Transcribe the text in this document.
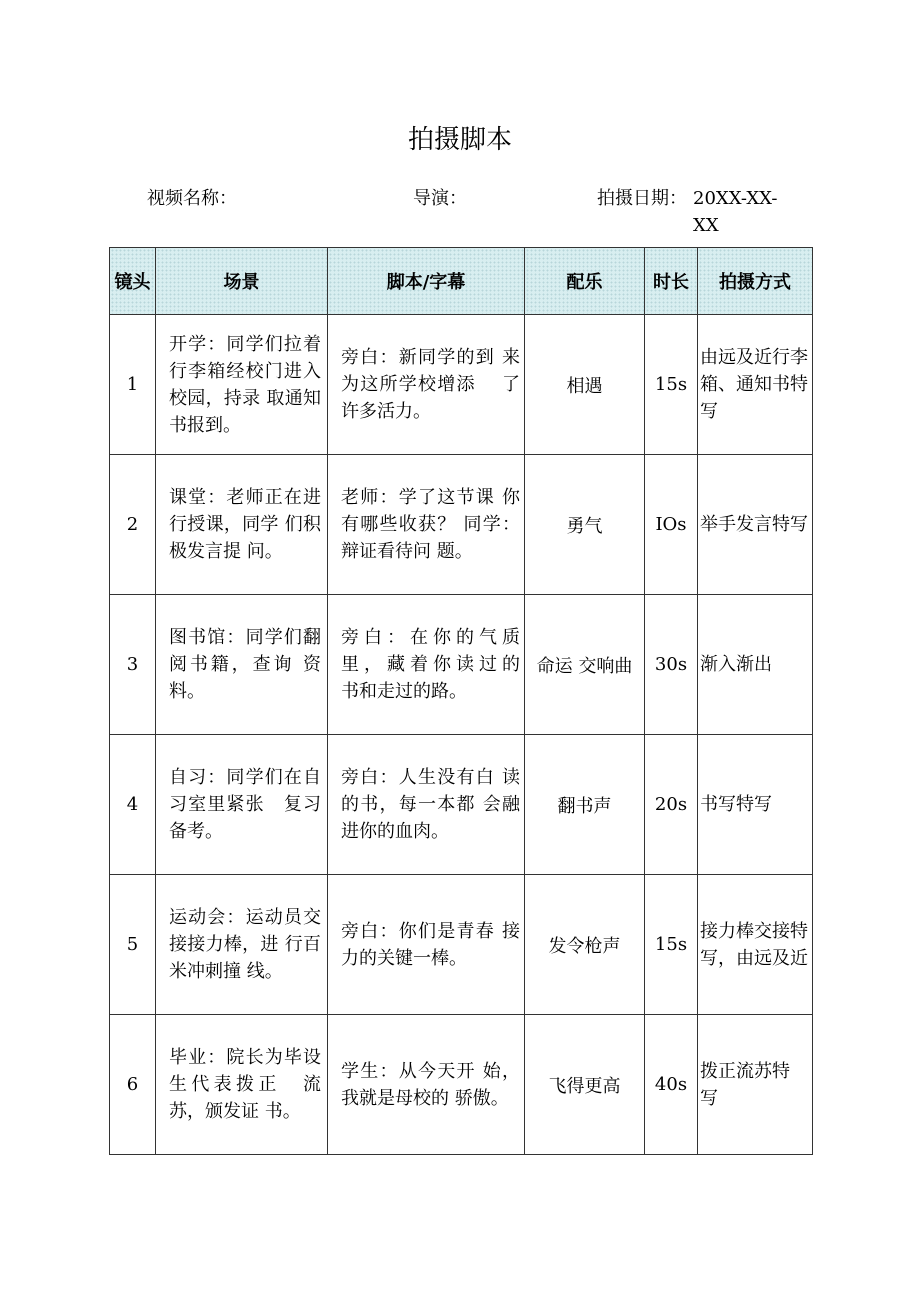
拍摄脚本
视频名称：	导演：	拍摄日期： 20XX-XX-XX
镜头	场景	脚本/字幕	配乐	时长	拍摄方式
1	开学：同学们拉着行李箱经校门进入校园，持录 取通知书报到。	旁白：新同学的到 来为这所学校增添 　了许多活力。	相遇	15s	由远及近行李箱、通知书特写
2	课堂：老师正在进行授课，同学 们积极发言提 问。	老师：学了这节课 你有哪些收获？ 同学：辩证看待问 题。	勇气	IOs	举手发言特写
3	图书馆：同学们翻阅书籍，查询 资料。	旁白：在你的气质 里，藏着你读过的　 书和走过的路。	命运 交响曲	30s	渐入渐出
4	自习：同学们在自习室里紧张　复习备考。	旁白：人生没有白 读的书，每一本都 会融进你的血肉。	翻书声	20s	书写特写
5	运动会：运动员交接接力棒，进 行百米冲刺撞 线。	旁白：你们是青春 接力的关键一棒。	发令枪声	15s	接力棒交接特写，由远及近
6	毕业：院长为毕设生代表拨正　流苏，颁发证 书。	学生：从今天开 始，我就是母校的 骄傲。	飞得更高	40s	拨正流苏特 写
